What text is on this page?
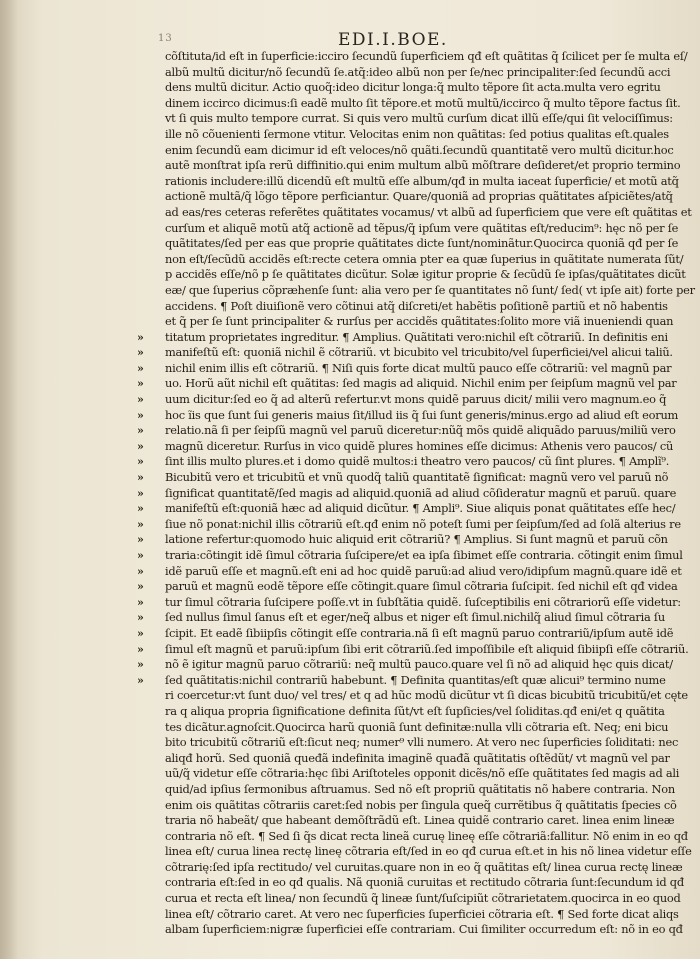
13	EDI.I.BOE.
cõſtituta/id eſt in ſuperficie:icciro ſecundũ ſuperficiem qđ eſt quãtitas q̃ ſcilicet per ſe multa eſ/
albũ multũ dicitur/nõ ſecundũ ſe.atq̃:ideo albũ non per ſe/nec principaliter:ſed ſecundũ acci
dens multũ dicitur. Actio quoq̃:ideo dicitur longa:q̃ multo tẽpore ſit acta.multa vero egritu
dinem iccirco dicimus:ſi eadẽ multo ſit tẽpore.et motũ multũ/iccirco q̃ multo tẽpore factus ſit.
vt ſi quis multo tempore currat. Si quis vero multũ curſum dicat illũ eſſe/qui ſit velociſſimus:
ille nõ cõuenienti ſermone vtitur. Velocitas enim non quãtitas: ſed potius qualitas eſt.quales
enim ſecundũ eam dicimur id eſt veloces/nõ quãti.ſecundũ quantitatẽ vero multũ dicitur.hoc
autẽ monſtrat ipſa rerũ diffinitio.qui enim multum albũ mõſtrare deſideret/et proprio termino
rationis includere:illũ dicendũ eſt multũ eſſe album/qđ in multa iaceat ſuperficie/ et motũ atq̃
actionẽ multã/q̃ lõgo tẽpore perficiantur. Quare/quoniã ad proprias quãtitates aſpiciẽtes/atq̃
ad eas/res ceteras referẽtes quãtitates vocamus/ vt albũ ad ſuperficiem que vere eſt quãtitas et
curſum et aliquẽ motũ atq̃ actionẽ ad tẽpus/q̃ ipſum vere quãtitas eſt/reducim⁹: hęc nõ per ſe
quãtitates/ſed per eas que proprie quãtitates dicte ſunt/nominãtur.Quocirca quoniã qđ per ſe
non eſt/ſecũdũ accidẽs eſt:recte cetera omnia pter ea quæ ſuperius in quãtitate numerata ſũt/
p accidẽs eſſe/nõ p ſe quãtitates dicũtur. Solæ igitur proprie & ſecũdũ ſe ipſas/quãtitates dicũt
eæ/ que ſuperius cõpræhenſe ſunt: alia vero per ſe quantitates nõ ſunt/ ſed( vt ipſe ait) forte per
accidens. ¶ Poſt diuiſionẽ vero cõtinui atq̃ diſcreti/et habẽtis poſitionẽ partiũ et nõ habentis
et q̃ per ſe ſunt principaliter & rurſus per accidẽs quãtitates:ſolito more viã inueniendi quan
» titatum proprietates ingreditur. ¶ Amplius. Quãtitati vero:nichil eſt cõtrariũ. In definitis eni
» manifeſtũ eſt: quoniã nichil ẽ cõtrariũ. vt bicubito vel tricubito/vel ſuperficiei/vel alicui taliũ.
» nichil enim illis eſt cõtrariũ. ¶ Niſi quis forte dicat multũ pauco eſſe cõtrariũ: vel magnũ par
» uo. Horũ aũt nichil eſt quãtitas: ſed magis ad aliquid. Nichil enim per ſeipſum magnũ vel par
» uum dicitur:ſed eo q̃ ad alterũ refertur.vt mons quidẽ paruus dicit/ milii vero magnum.eo q̃
» hoc ĩis que ſunt ſui generis maius ſit/illud iis q̃ ſui ſunt generis/minus.ergo ad aliud eſt eorum
» relatio.nã ſi per ſeipſũ magnũ vel paruũ diceretur:nũq̃ mõs quidẽ aliquãdo paruus/miliũ vero
» magnũ diceretur. Rurſus in vico quidẽ plures homines eſſe dicimus: Athenis vero paucos/ cũ
» ſint illis multo plures.et i domo quidẽ multos:i theatro vero paucos/ cũ ſint plures. ¶ Amplĩ⁹.
» Bicubitũ vero et tricubitũ et vnũ quodq̃ taliũ quantitatẽ ſignificat: magnũ vero vel paruũ nõ
» ſignificat quantitatẽ/ſed magis ad aliquid.quoniã ad aliud cõſideratur magnũ et paruũ. quare
» manifeſtũ eſt:quoniã hæc ad aliquid dicũtur. ¶ Ampli⁹. Siue aliquis ponat quãtitates eſſe hec/
» ſiue nõ ponat:nichil illis cõtrariũ eſt.qđ enim nõ poteſt ſumi per ſeipſum/ſed ad ſolã alterius re
» latione refertur:quomodo huic aliquid erit cõtrariũ? ¶ Amplius. Si ſunt magnũ et paruũ cõn
» traria:cõtingit idẽ ſimul cõtraria ſuſcipere/et ea ipſa ſibimet eſſe contraria. cõtingit enim ſimul
» idẽ paruũ eſſe et magnũ.eſt eni ad hoc quidẽ paruũ:ad aliud vero/idipſum magnũ.quare idẽ et
» paruũ et magnũ eodẽ tẽpore eſſe cõtingit.quare ſimul cõtraria ſuſcipit. ſed nichil eſt qđ videa
» tur ſimul cõtraria ſuſcipere poſſe.vt in ſubſtãtia quidẽ. ſuſceptibilis eni cõtrariorũ eſſe videtur:
» ſed nullus ſimul ſanus eſt et eger/neq̃ albus et niger eſt ſimul.nichilq̃ aliud ſimul cõtraria ſu
» ſcipit. Et eadẽ ſibiipſis cõtingit eſſe contraria.nã ſi eſt magnũ paruo contrariũ/ipſum autẽ idẽ
» ſimul eſt magnũ et paruũ:ipſum ſibi erit cõtrariũ.ſed impoſſibile eſt aliquid ſibiipſi eſſe cõtrariũ.
» nõ ẽ igitur magnũ paruo cõtrariũ: neq̃ multũ pauco.quare vel ſi nõ ad aliquid hęc quis dicat/
» ſed quãtitatis:nichil contrariũ habebunt. ¶ Definita quantitas/eſt quæ alicui⁹ termino nume
ri coercetur:vt ſunt duo/ vel tres/ et q ad hũc modũ dicũtur vt ſi dicas bicubitũ tricubitũ/et cęte
ra q aliqua propria ſignificatione definita ſũt/vt eſt ſupſicies/vel ſoliditas.qđ eni/et q quãtita
tes dicãtur.agnoſcit.Quocirca harũ quoniã ſunt definitæ:nulla vlli cõtraria eſt. Neq; eni bicu
bito tricubitũ cõtrariũ eſt:ſicut neq; numer⁹ vlli numero. At vero nec ſuperficies ſoliditati: nec
aliqđ horũ. Sed quoniã queđã indefinita imaginẽ quađã quãtitatis oſtẽdũt/ vt magnũ vel par
uũ/q̃ videtur eſſe cõtraria:hęc ſibi Ariſtoteles opponit dicẽs/nõ eſſe quãtitates ſed magis ad ali
quid/ad ipſius ſermonibus aſtruamus. Sed nõ eſt propriũ quãtitatis nõ habere contraria. Non
enim ois quãtitas cõtrariis caret:ſed nobis per ſingula queq̃ currẽtibus q̃ quãtitatis ſpecies cõ
traria nõ habeãt/ que habeant demõſtrãdũ eſt. Linea quidẽ contrario caret. linea enim lineæ
contraria nõ eſt. ¶ Sed ſi q̃s dicat recta lineã curuę lineę eſſe cõtrariã:fallitur. Nõ enim in eo qđ
linea eſt/ curua linea rectę lineę cõtraria eſt/ſed in eo qđ curua eſt.et in his nõ linea videtur eſſe
cõtrarię:ſed ipſa rectitudo/ vel curuitas.quare non in eo q̃ quãtitas eſt/ linea curua rectę lineæ
contraria eſt:ſed in eo qđ qualis. Nã quoniã curuitas et rectitudo cõtraria ſunt:ſecundum id qđ
curua et recta eſt linea/ non ſecundũ q̃ lineæ ſunt/ſuſcipiũt cõtrarietatem.quocirca in eo quod
linea eſt/ cõtrario caret. At vero nec ſuperficies ſuperficiei cõtraria eſt. ¶ Sed forte dicat aliqs
albam ſuperficiem:nigræ ſuperficiei eſſe contrariam. Cui ſimiliter occurredum eſt: nõ in eo qđ
